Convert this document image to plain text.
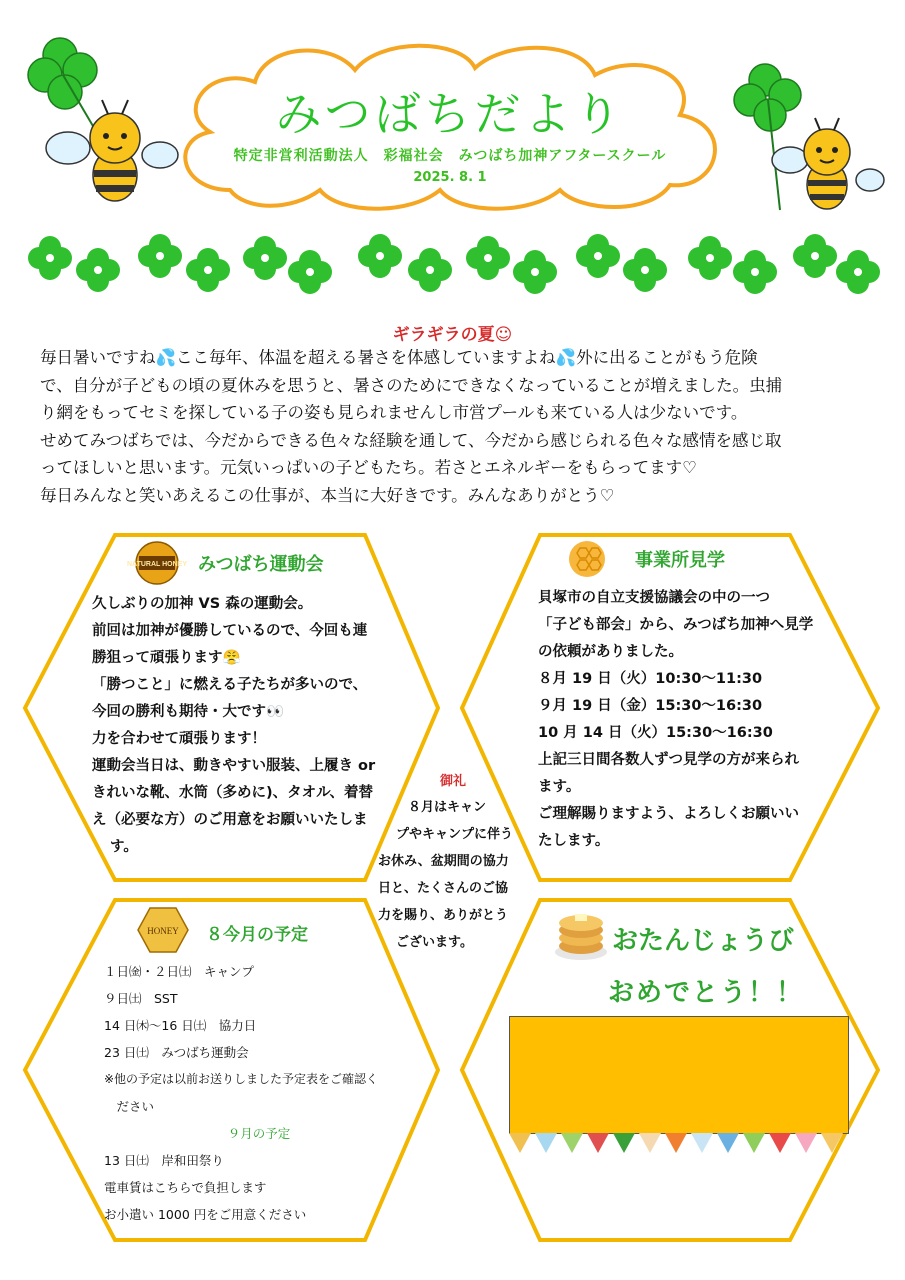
みつばちだより
特定非営利活動法人　彩福社会　みつばち加神アフタースクール
2025. 8. 1
ギラギラの夏☺

毎日暑いですね💦ここ毎年、体温を超える暑さを体感していますよね💦外に出ることがもう危険

で、自分が子どもの頃の夏休みを思うと、暑さのためにできなくなっていることが増えました。虫捕

り網をもってセミを探している子の姿も見られませんし市営プールも来ている人は少ないです。

せめてみつばちでは、今だからできる色々な経験を通して、今だから感じられる色々な感情を感じ取

ってほしいと思います。元気いっぱいの子どもたち。若さとエネルギーをもらってます♡

毎日みんなと笑いあえるこの仕事が、本当に大好きです。みんなありがとう♡

NATURAL HONEY みつばち運動会

久しぶりの加神 VS 森の運動会。

前回は加神が優勝しているので、今回も連

勝狙って頑張ります😤

「勝つこと」に燃える子たちが多いので、

今回の勝利も期待・大です👀

力を合わせて頑張ります！

運動会当日は、動きやすい服装、上履き or

きれいな靴、水筒（多めに)、タオル、着替

え（必要な方）のご用意をお願いいたしま

す。

事業所見学

貝塚市の自立支援協議会の中の一つ

「子ども部会」から、みつばち加神へ見学

の依頼がありました。

８月 19 日（火）10:30～11:30

９月 19 日（金）15:30～16:30

10 月 14 日（火）15:30～16:30

上記三日間各数人ずつ見学の方が来られ

ます。

ご理解賜りますよう、よろしくお願いい

たします。

御礼
８月はキャン
プやキャンプに伴う
お休み、盆期間の協力
日と、たくさんのご協
力を賜り、ありがとう
ございます。
HONEY ８今月の予定

１日㈮・２日㈯　キャンプ

９日㈯　SST

14 日㈭～16 日㈯　協力日

23 日㈯　みつばち運動会

※他の予定は以前お送りしました予定表をご確認く

　ださい

９月の予定

13 日㈯　岸和田祭り

電車賃はこちらで負担します

お小遣い 1000 円をご用意ください

おたんじょうび
おめでとう！！
